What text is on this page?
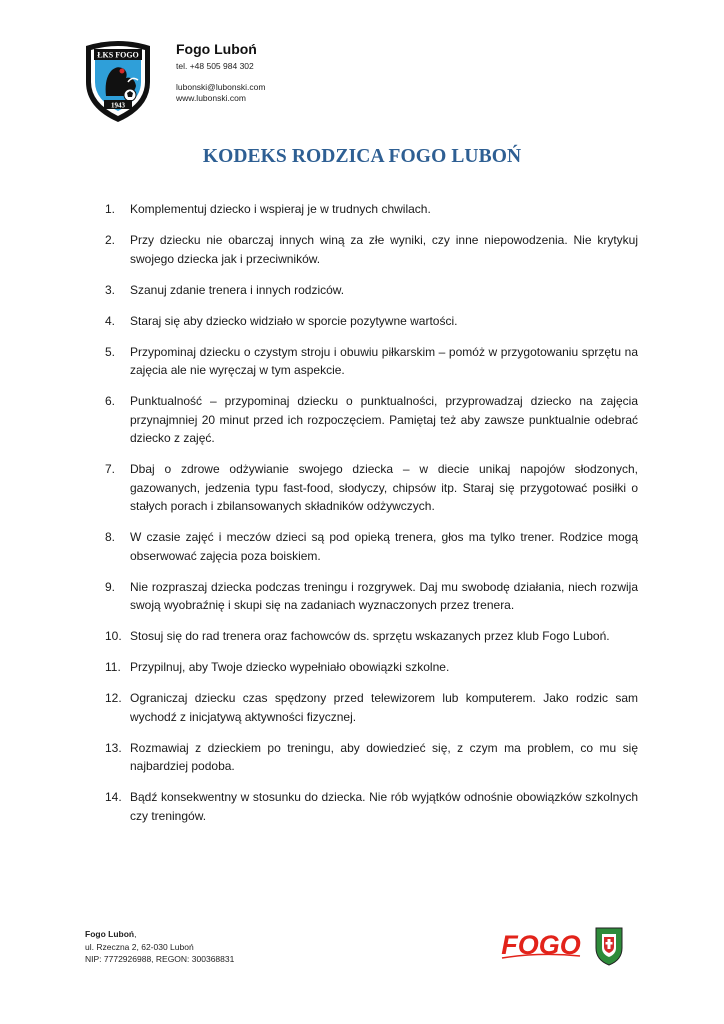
ŁKS FOGO
1943
Fogo Luboń
tel. +48 505 984 302
lubonski@lubonski.com
www.lubonski.com
KODEKS RODZICA FOGO LUBOŃ
1.	Komplementuj dziecko i wspieraj je w trudnych chwilach.
2.	Przy dziecku nie obarczaj innych winą za złe wyniki, czy inne niepowodzenia. Nie krytykuj swojego dziecka jak i przeciwników.
3.	Szanuj zdanie trenera i innych rodziców.
4.	Staraj się aby dziecko widziało w sporcie pozytywne wartości.
5.	Przypominaj dziecku o czystym stroju i obuwiu piłkarskim – pomóż w przygotowaniu sprzętu na zajęcia ale nie wyręczaj w tym aspekcie.
6.	Punktualność – przypominaj dziecku o punktualności, przyprowadzaj dziecko na zajęcia przynajmniej 20 minut przed ich rozpoczęciem. Pamiętaj też aby zawsze punktualnie odebrać dziecko z zajęć.
7.	Dbaj o zdrowe odżywianie swojego dziecka – w diecie unikaj napojów słodzonych, gazowanych, jedzenia typu fast-food, słodyczy, chipsów itp. Staraj się przygotować posiłki o stałych porach i zbilansowanych składników odżywczych.
8.	W czasie zajęć i meczów dzieci są pod opieką trenera, głos ma tylko trener. Rodzice mogą obserwować zajęcia poza boiskiem.
9.	Nie rozpraszaj dziecka podczas treningu i rozgrywek. Daj mu swobodę działania, niech rozwija swoją wyobraźnię i skupi się na zadaniach wyznaczonych przez trenera.
10. Stosuj się do rad trenera oraz fachowców ds. sprzętu wskazanych przez klub Fogo Luboń.
11. Przypilnuj, aby Twoje dziecko wypełniało obowiązki szkolne.
12. Ograniczaj dziecku czas spędzony przed telewizorem lub komputerem. Jako rodzic sam wychodź z inicjatywą aktywności fizycznej.
13. Rozmawiaj z dzieckiem po treningu, aby dowiedzieć się, z czym ma problem, co mu się najbardziej podoba.
14. Bądź konsekwentny w stosunku do dziecka. Nie rób wyjątków odnośnie obowiązków szkolnych czy treningów.
Fogo Luboń,
ul. Rzeczna 2, 62-030 Luboń
NIP: 7772926988, REGON: 300368831	FOGO
